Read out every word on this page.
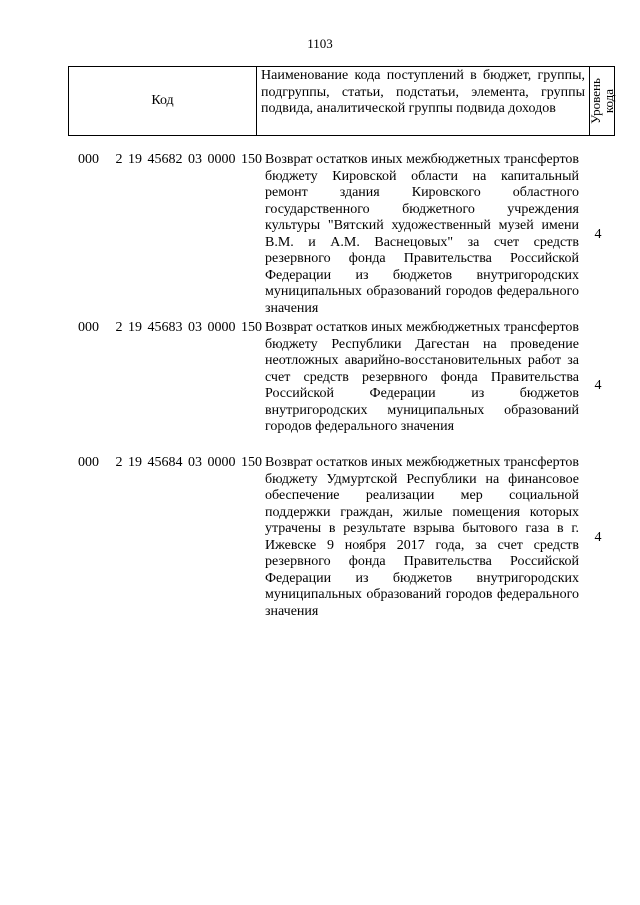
1103
Код	Наименование кода поступлений в бюджет, группы, подгруппы, статьи, подстатьи, элемента, группы подвида, аналитической группы подвида доходов	Уровень
кода
000 2 19 45682 03 0000 150 Возврат остатков иных межбюджетных трансфертов бюджету Кировской области на капитальный ремонт здания Кировского областного государственного бюджетного учреждения культуры "Вятский художественный музей имени В.М. и А.М. Васнецовых" за счет средств резервного фонда Правительства Российской Федерации из бюджетов внутригородских муниципальных образований городов федерального значения
4
000 2 19 45683 03 0000 150 Возврат остатков иных межбюджетных трансфертов бюджету Республики Дагестан на проведение неотложных аварийно-восстановительных работ за счет средств резервного фонда Правительства Российской Федерации из бюджетов внутригородских муниципальных образований городов федерального значения
4
000 2 19 45684 03 0000 150 Возврат остатков иных межбюджетных трансфертов бюджету Удмуртской Республики на финансовое обеспечение реализации мер социальной поддержки граждан, жилые помещения которых утрачены в результате взрыва бытового газа в г. Ижевске 9 ноября 2017 года, за счет средств резервного фонда Правительства Российской Федерации из бюджетов внутригородских муниципальных образований городов федерального значения
4
